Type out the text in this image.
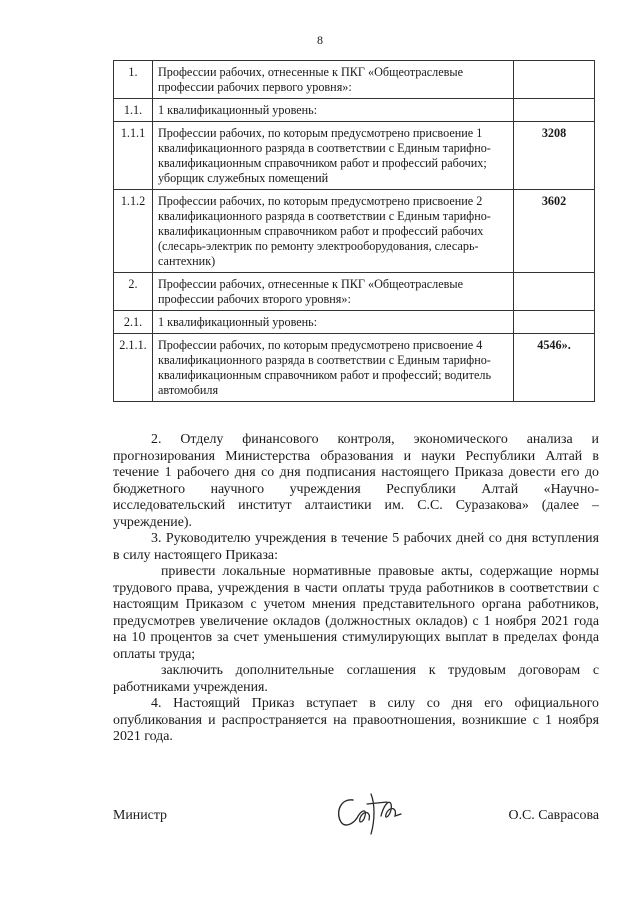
8
1.	Профессии рабочих, отнесенные к ПКГ «Общеотраслевые профессии рабочих первого уровня»:	
1.1.	1 квалификационный уровень:	
1.1.1	Профессии рабочих, по которым предусмотрено присвоение 1 квалификационного разряда в соответствии с Единым тарифно-квалификационным справочником работ и профессий рабочих; уборщик служебных помещений	3208
1.1.2	Профессии рабочих, по которым предусмотрено присвоение 2 квалификационного разряда в соответствии с Единым тарифно-квалификационным справочником работ и профессий рабочих (слесарь-электрик по ремонту электрооборудования, слесарь-сантехник)	3602
2.	Профессии рабочих, отнесенные к ПКГ «Общеотраслевые профессии рабочих второго уровня»:	
2.1.	1 квалификационный уровень:	
2.1.1.	Профессии рабочих, по которым предусмотрено присвоение 4 квалификационного разряда в соответствии с Единым тарифно-квалификационным справочником работ и профессий; водитель автомобиля	4546».

2. Отделу финансового контроля, экономического анализа и прогнозирования Министерства образования и науки Республики Алтай в течение 1 рабочего дня со дня подписания настоящего Приказа довести его до бюджетного научного учреждения Республики Алтай «Научно-исследовательский институт алтаистики им. С.С. Суразакова» (далее – учреждение).

3. Руководителю учреждения в течение 5 рабочих дней со дня вступления в силу настоящего Приказа:

привести локальные нормативные правовые акты, содержащие нормы трудового права, учреждения в части оплаты труда работников в соответствии с настоящим Приказом с учетом мнения представительного органа работников, предусмотрев увеличение окладов (должностных окладов) с 1 ноября 2021 года на 10 процентов за счет уменьшения стимулирующих выплат в пределах фонда оплаты труда;

заключить дополнительные соглашения к трудовым договорам с работниками учреждения.

4. Настоящий Приказ вступает в силу со дня его официального опубликования и распространяется на правоотношения, возникшие с 1 ноября 2021 года.

Министр	О.С. Саврасова
